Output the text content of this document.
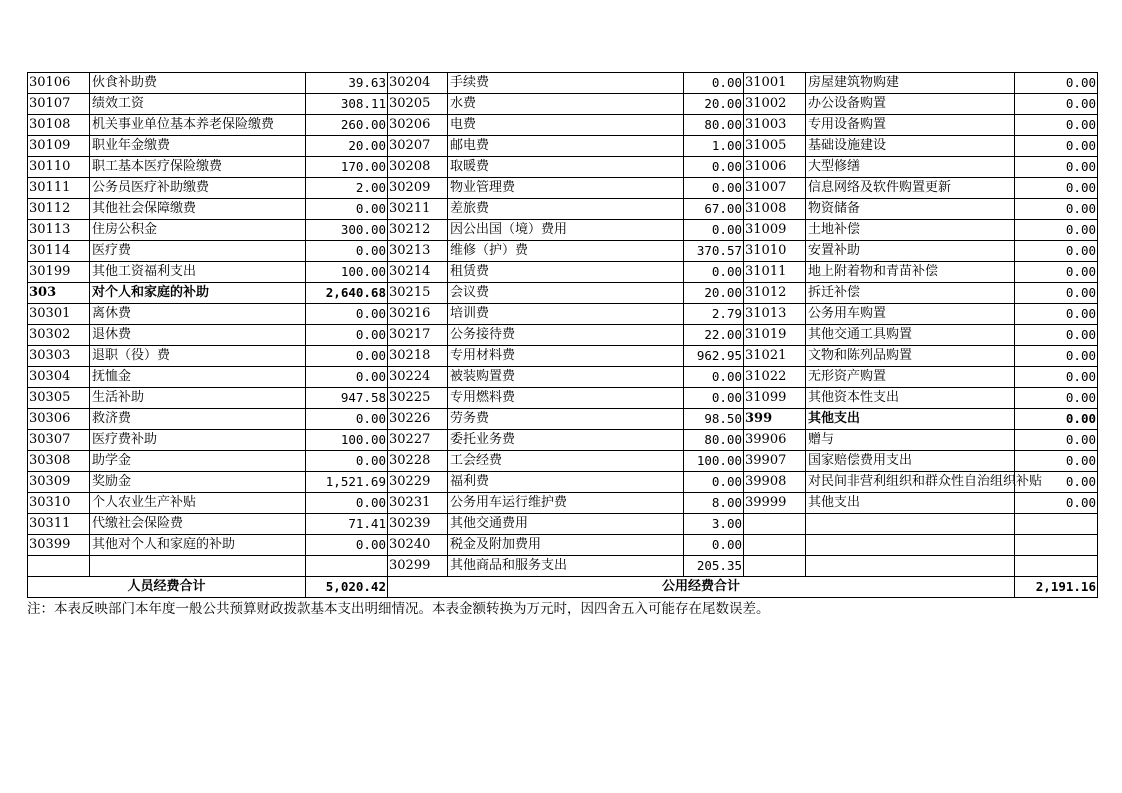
30106	伙食补助费	39.63	30204	手续费	0.00	31001	房屋建筑物购建	0.00
30107	绩效工资	308.11	30205	水费	20.00	31002	办公设备购置	0.00
30108	机关事业单位基本养老保险缴费	260.00	30206	电费	80.00	31003	专用设备购置	0.00
30109	职业年金缴费	20.00	30207	邮电费	1.00	31005	基础设施建设	0.00
30110	职工基本医疗保险缴费	170.00	30208	取暖费	0.00	31006	大型修缮	0.00
30111	公务员医疗补助缴费	2.00	30209	物业管理费	0.00	31007	信息网络及软件购置更新	0.00
30112	其他社会保障缴费	0.00	30211	差旅费	67.00	31008	物资储备	0.00
30113	住房公积金	300.00	30212	因公出国（境）费用	0.00	31009	土地补偿	0.00
30114	医疗费	0.00	30213	维修（护）费	370.57	31010	安置补助	0.00
30199	其他工资福利支出	100.00	30214	租赁费	0.00	31011	地上附着物和青苗补偿	0.00
303	对个人和家庭的补助	2,640.68	30215	会议费	20.00	31012	拆迁补偿	0.00
30301	离休费	0.00	30216	培训费	2.79	31013	公务用车购置	0.00
30302	退休费	0.00	30217	公务接待费	22.00	31019	其他交通工具购置	0.00
30303	退职（役）费	0.00	30218	专用材料费	962.95	31021	文物和陈列品购置	0.00
30304	抚恤金	0.00	30224	被装购置费	0.00	31022	无形资产购置	0.00
30305	生活补助	947.58	30225	专用燃料费	0.00	31099	其他资本性支出	0.00
30306	救济费	0.00	30226	劳务费	98.50	399	其他支出	0.00
30307	医疗费补助	100.00	30227	委托业务费	80.00	39906	赠与	0.00
30308	助学金	0.00	30228	工会经费	100.00	39907	国家赔偿费用支出	0.00
30309	奖励金	1,521.69	30229	福利费	0.00	39908	对民间非营利组织和群众性自治组织补贴	0.00
30310	个人农业生产补贴	0.00	30231	公务用车运行维护费	8.00	39999	其他支出	0.00
30311	代缴社会保险费	71.41	30239	其他交通费用	3.00			
30399	其他对个人和家庭的补助	0.00	30240	税金及附加费用	0.00			
			30299	其他商品和服务支出	205.35			
人员经费合计		5,020.42	公用经费合计					2,191.16
注：本表反映部门本年度一般公共预算财政拨款基本支出明细情况。本表金额转换为万元时，因四舍五入可能存在尾数误差。
